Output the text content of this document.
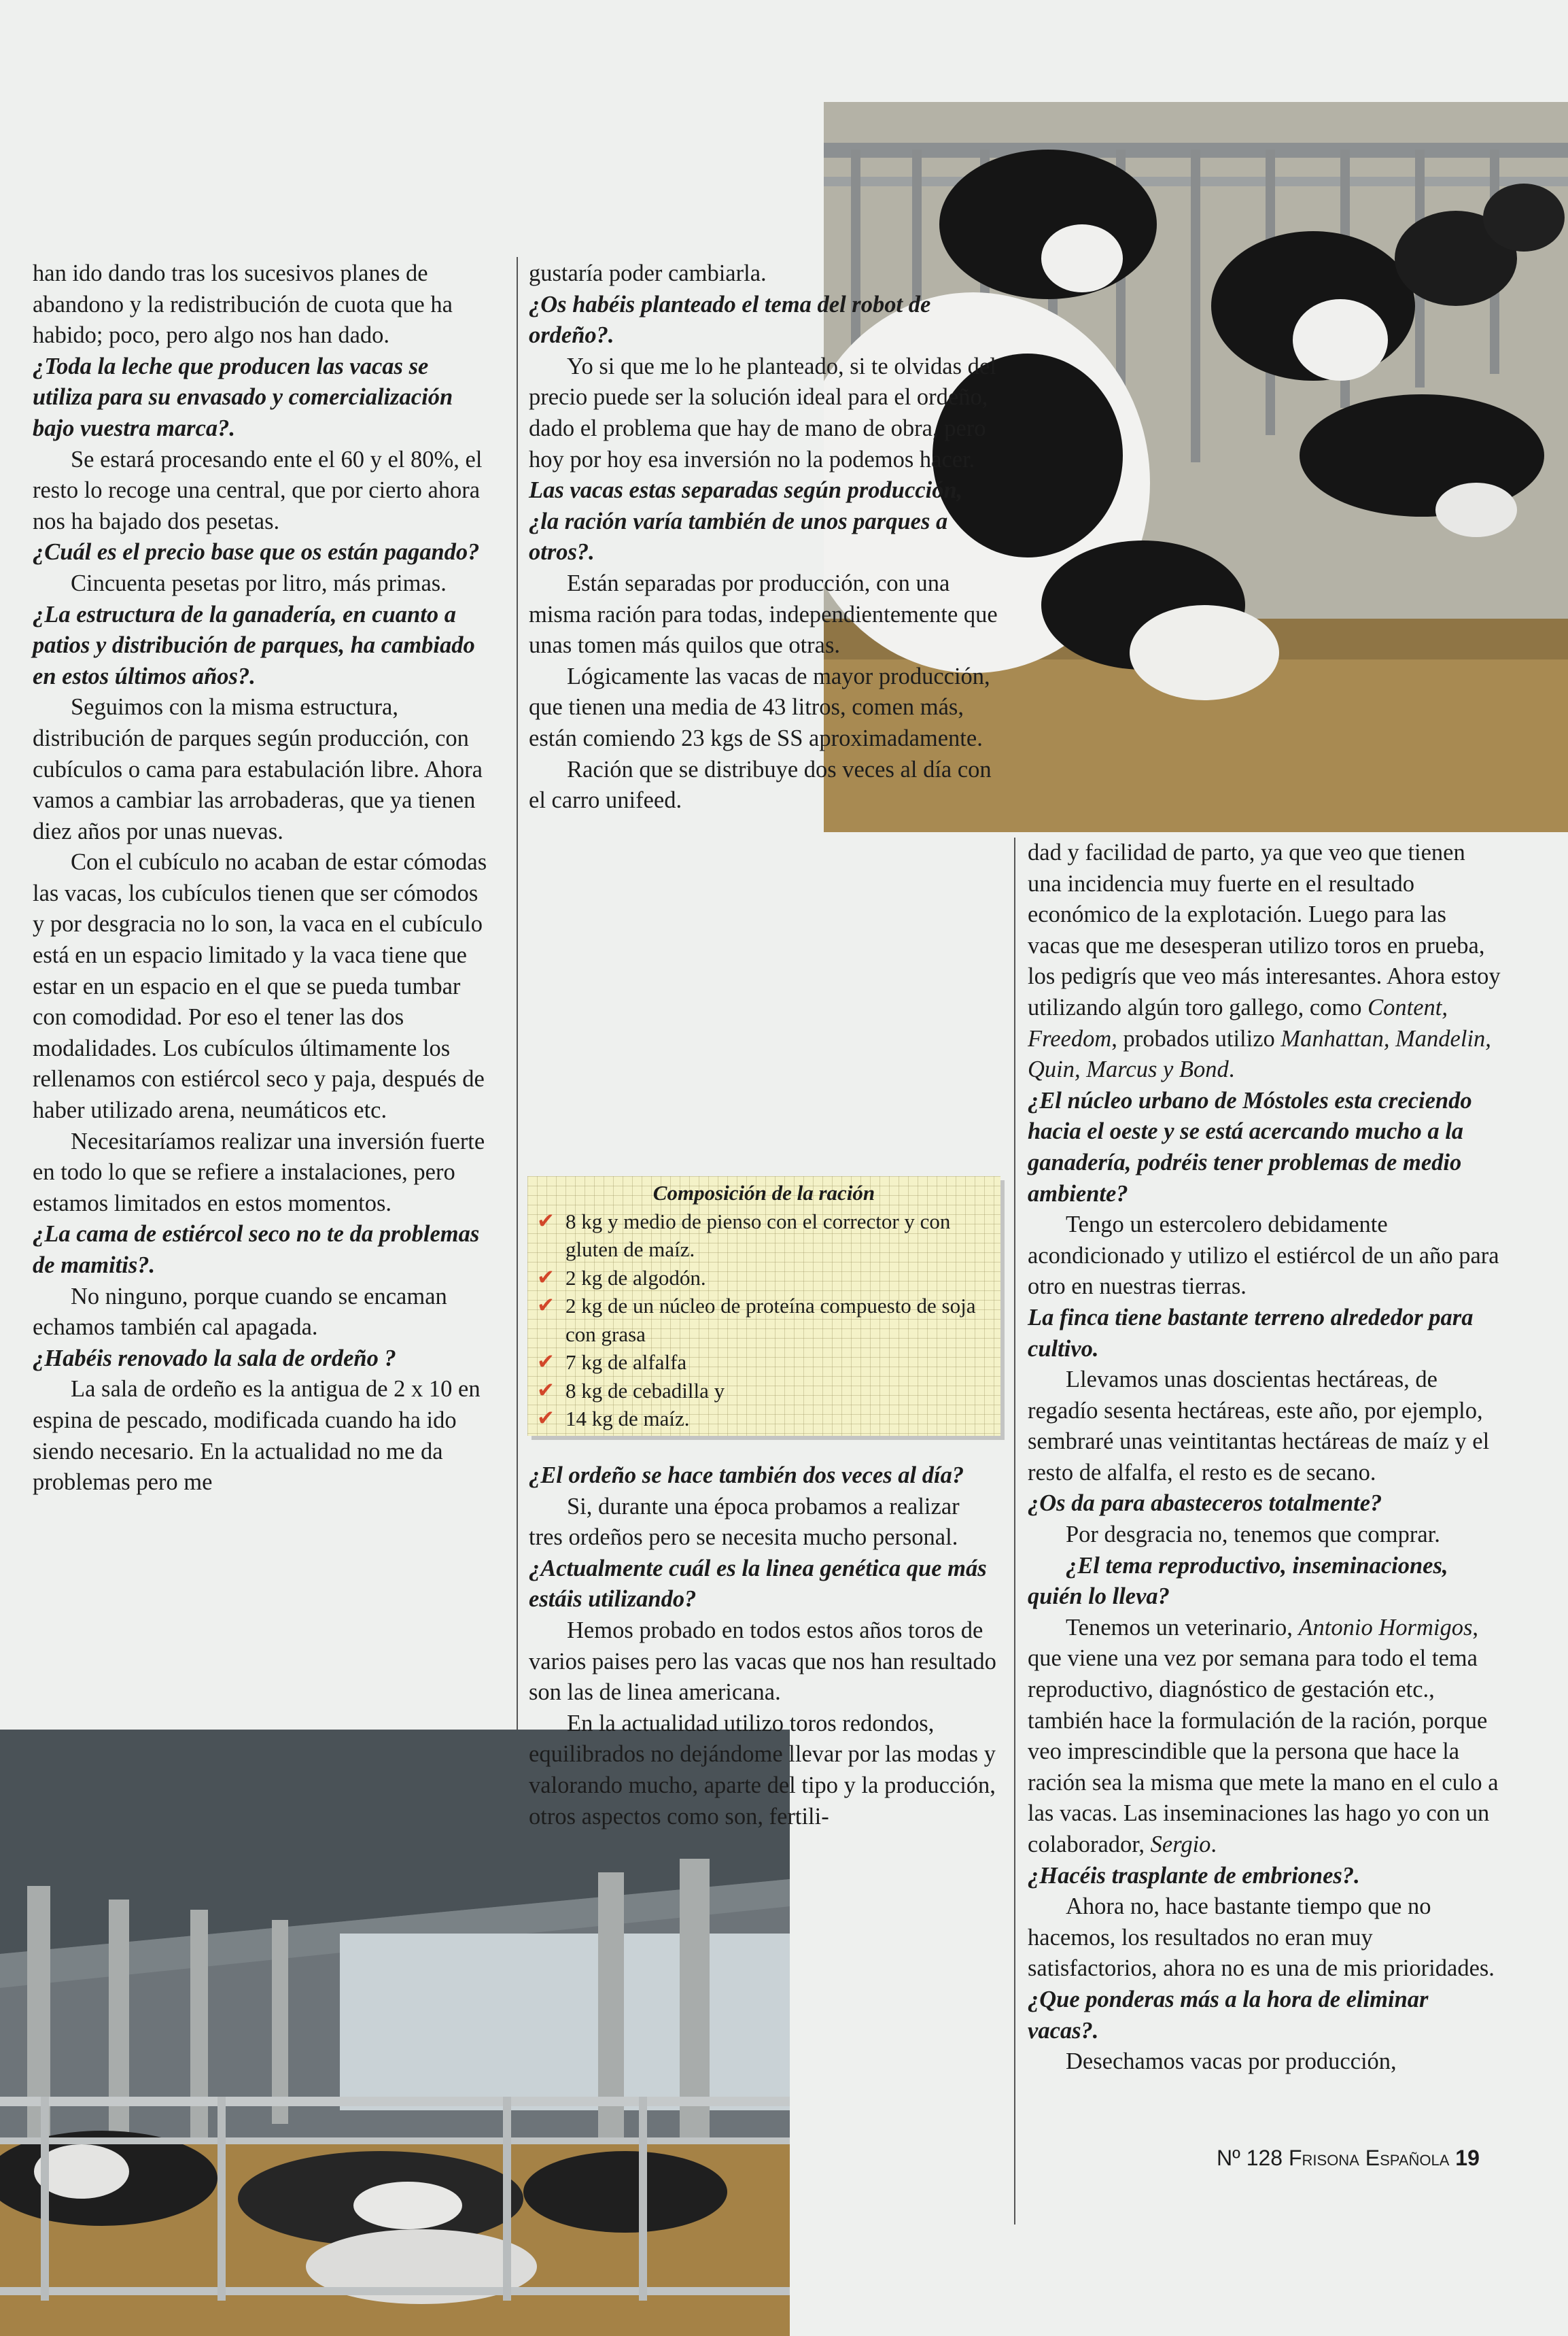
han ido dando tras los sucesivos planes de abandono y la redistribución de cuota que ha habido; poco, pero algo nos han dado.

¿Toda la leche que producen las vacas se utiliza para su envasado y comercialización bajo vuestra marca?.

Se estará procesando ente el 60 y el 80%, el resto lo recoge una central, que por cierto ahora nos ha bajado dos pesetas.

¿Cuál es el precio base que os están pagando?

Cincuenta pesetas por litro, más primas.

¿La estructura de la ganadería, en cuanto a patios y distribución de parques, ha cambiado en estos últimos años?.

Seguimos con la misma estructura, distribución de parques según producción, con cubículos o cama para estabulación libre. Ahora vamos a cambiar las arrobaderas, que ya tienen diez años por unas nuevas.

Con el cubículo no acaban de estar cómodas las vacas, los cubículos tienen que ser cómodos y por desgracia no lo son, la vaca en el cubículo está en un espacio limitado y la vaca tiene que estar en un espacio en el que se pueda tumbar con comodidad. Por eso el tener las dos modalidades. Los cubículos últimamente los rellenamos con estiércol seco y paja, después de haber utilizado arena, neumáticos etc.

Necesitaríamos realizar una inversión fuerte en todo lo que se refiere a instalaciones, pero estamos limitados en estos momentos.

¿La cama de estiércol seco no te da problemas de mamitis?.

No ninguno, porque cuando se encaman echamos también cal apagada.

¿Habéis renovado la sala de ordeño ?

La sala de ordeño es la antigua de 2 x 10 en espina de pescado, modificada cuando ha ido siendo necesario. En la actualidad no me da problemas pero me

gustaría poder cambiarla.

¿Os habéis planteado el tema del robot de ordeño?.

Yo si que me lo he planteado, si te olvidas del precio puede ser la solución ideal para el ordeño, dado el problema que hay de mano de obra, pero hoy por hoy esa inversión no la podemos hacer.

Las vacas estas separadas según producción, ¿la ración varía también de unos parques a otros?.

Están separadas por producción, con una misma ración para todas, independientemente que unas tomen más quilos que otras.

Lógicamente las vacas de mayor producción, que tienen una media de 43 litros, comen más, están comiendo 23 kgs de SS aproximadamente.

Ración que se distribuye dos veces al día con el carro unifeed.

¿El ordeño se hace también dos veces al día?

Si, durante una época probamos a realizar tres ordeños pero se necesita mucho personal.

¿Actualmente cuál es la linea genética que más estáis utilizando?

Hemos probado en todos estos años toros de varios paises pero las vacas que nos han resultado son las de linea americana.

En la actualidad utilizo toros redondos, equilibrados no dejándome llevar por las modas y valorando mucho, aparte del tipo y la producción, otros aspectos como son, fertili-

dad y facilidad de parto, ya que veo que tienen una incidencia muy fuerte en el resultado económico de la explotación. Luego para las vacas que me desesperan utilizo toros en prueba, los pedigrís que veo más interesantes. Ahora estoy utilizando algún toro gallego, como Content, Freedom, probados utilizo Manhattan, Mandelin, Quin, Marcus y Bond.

¿El núcleo urbano de Móstoles esta creciendo hacia el oeste y se está acercando mucho a la ganadería, podréis tener problemas de medio ambiente?

Tengo un estercolero debidamente acondicionado y utilizo el estiércol de un año para otro en nuestras tierras.

La finca tiene bastante terreno alrededor para cultivo.

Llevamos unas doscientas hectáreas, de regadío sesenta hectáreas, este año, por ejemplo, sembraré unas veintitantas hectáreas de maíz y el resto de alfalfa, el resto es de secano.

¿Os da para abasteceros totalmente?

Por desgracia no, tenemos que comprar.

¿El tema reproductivo, inseminaciones, quién lo lleva?

Tenemos un veterinario, Antonio Hormigos, que viene una vez por semana para todo el tema reproductivo, diagnóstico de gestación etc., también hace la formulación de la ración, porque veo imprescindible que la persona que hace la ración sea la misma que mete la mano en el culo a las vacas. Las inseminaciones las hago yo con un colaborador, Sergio.

¿Hacéis trasplante de embriones?.

Ahora no, hace bastante tiempo que no hacemos, los resultados no eran muy satisfactorios, ahora no es una de mis prioridades.

¿Que ponderas más a la hora de eliminar vacas?.

Desechamos vacas por producción,

Composición de la ración
✔ 8 kg y medio de pienso con el corrector y con gluten de maíz.
✔ 2 kg de algodón.
✔ 2 kg de un núcleo de proteína compuesto de soja con grasa
✔ 7 kg de alfalfa
✔ 8 kg de cebadilla y
✔ 14 kg de maíz.
Nº 128 Frisona Española 19
